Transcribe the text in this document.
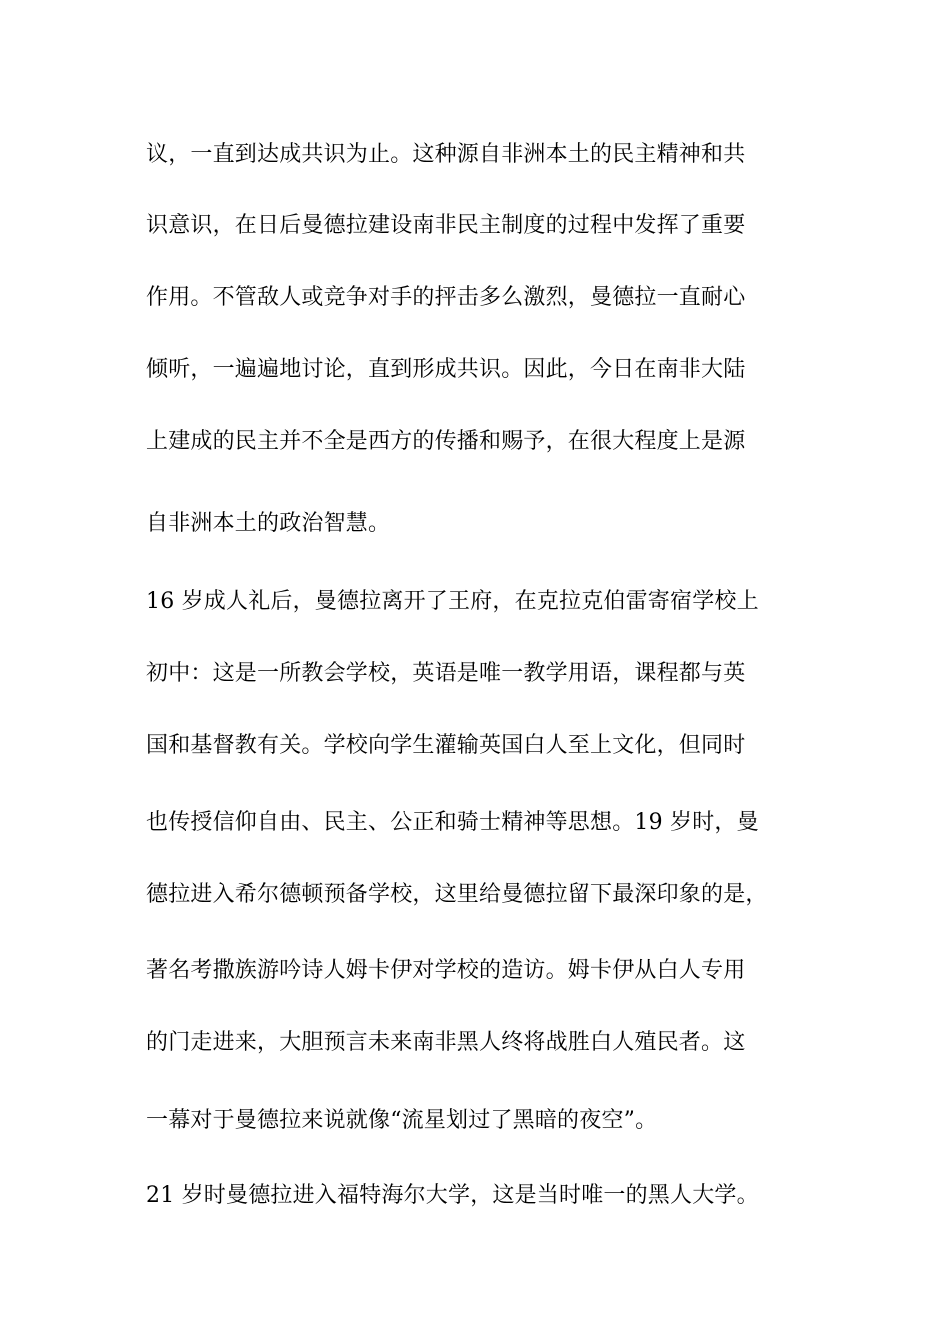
议，一直到达成共识为止。这种源自非洲本土的民主精神和共
识意识，在日后曼德拉建设南非民主制度的过程中发挥了重要
作用。不管敌人或竞争对手的抨击多么激烈，曼德拉一直耐心
倾听，一遍遍地讨论，直到形成共识。因此，今日在南非大陆
上建成的民主并不全是西方的传播和赐予，在很大程度上是源
自非洲本土的政治智慧。
16 岁成人礼后，曼德拉离开了王府，在克拉克伯雷寄宿学校上
初中：这是一所教会学校，英语是唯一教学用语，课程都与英
国和基督教有关。学校向学生灌输英国白人至上文化，但同时
也传授信仰自由、民主、公正和骑士精神等思想。19 岁时，曼
德拉进入希尔德顿预备学校，这里给曼德拉留下最深印象的是，
著名考撒族游吟诗人姆卡伊对学校的造访。姆卡伊从白人专用
的门走进来，大胆预言未来南非黑人终将战胜白人殖民者。这
一幕对于曼德拉来说就像“流星划过了黑暗的夜空”。
21 岁时曼德拉进入福特海尔大学，这是当时唯一的黑人大学。
